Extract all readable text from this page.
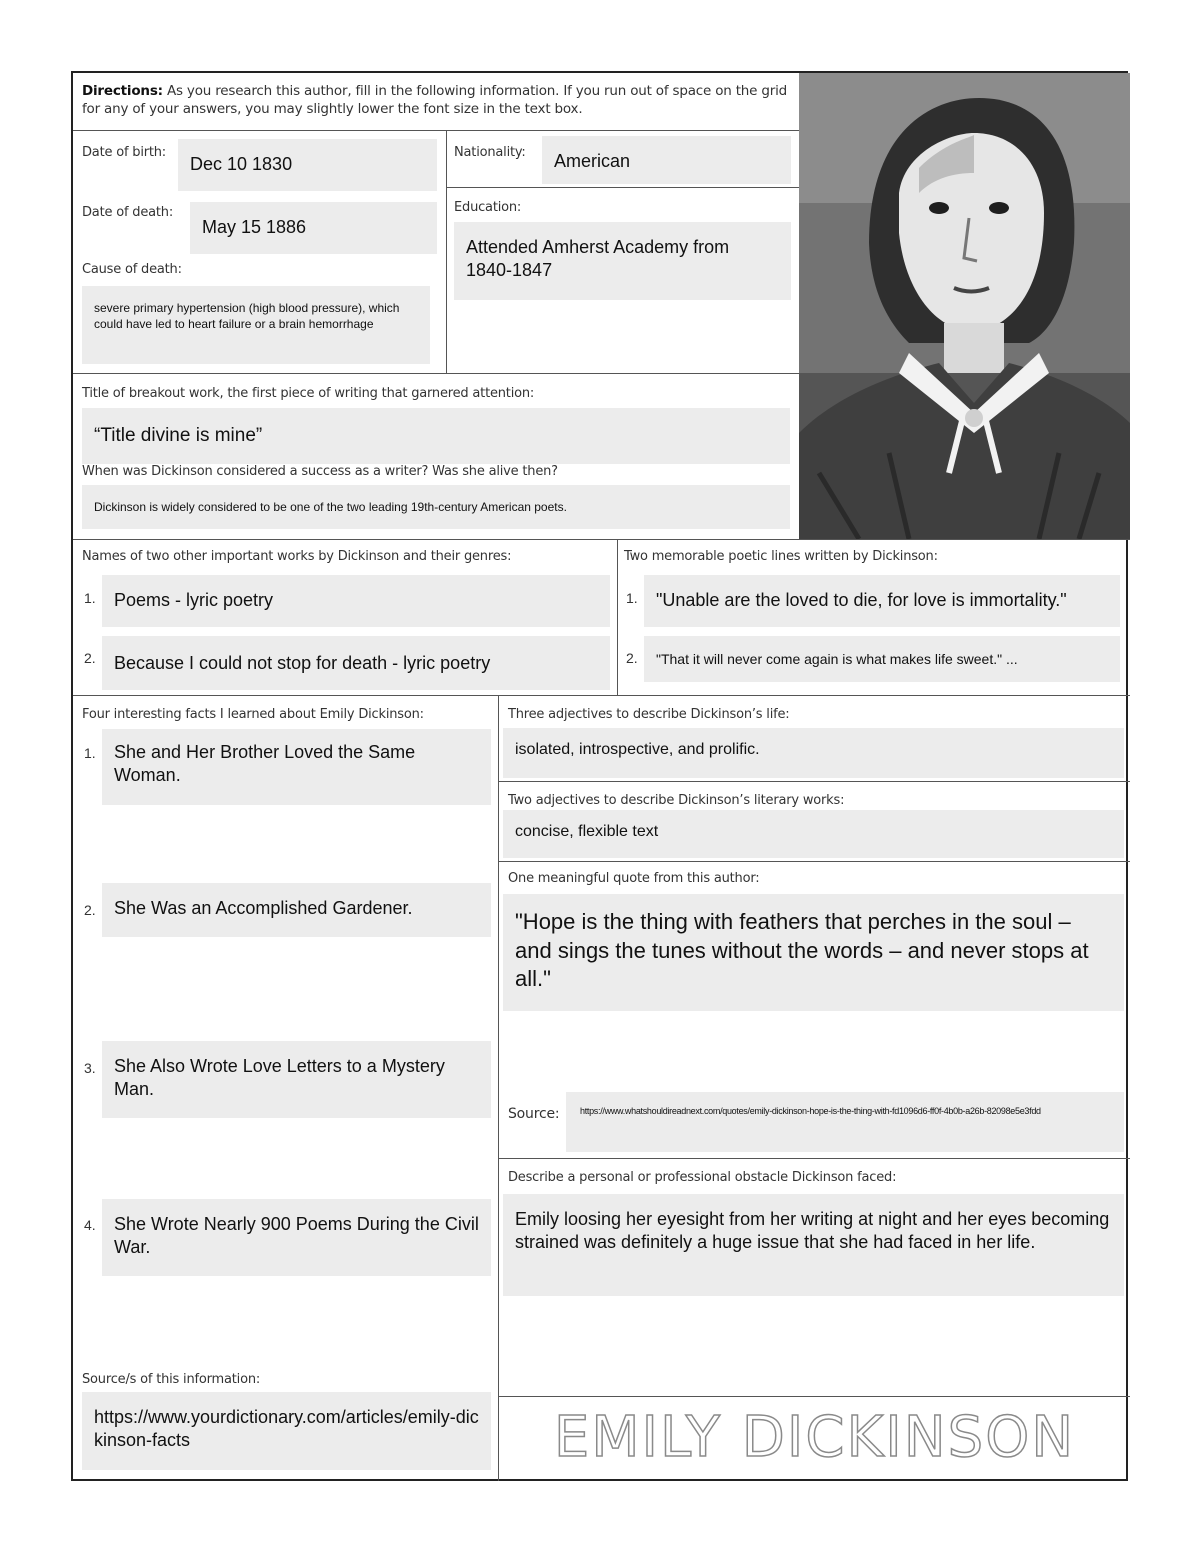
Directions: As you research this author, fill in the following information. If you run out of space on the grid for any of your answers, you may slightly lower the font size in the text box.
Date of birth:
Dec 10 1830
Date of death:
May 15 1886
Cause of death:
severe primary hypertension (high blood pressure), which could have led to heart failure or a brain hemorrhage
Nationality:	American
Education:
Attended Amherst Academy from 1840-1847
Title of breakout work, the first piece of writing that garnered attention:
“Title divine is mine”
When was Dickinson considered a success as a writer? Was she alive then?
Dickinson is widely considered to be one of the two leading 19th-century American poets.
Names of two other important works by Dickinson and their genres:
1.	Poems - lyric poetry
2.	Because I could not stop for death - lyric poetry
Two memorable poetic lines written by Dickinson:
1.	"Unable are the loved to die, for love is immortality."
2.	"That it will never come again is what makes life sweet." ...
Four interesting facts I learned about Emily Dickinson:
1.	She and Her Brother Loved the Same Woman.
2.	She Was an Accomplished Gardener.
3.	She Also Wrote Love Letters to a Mystery Man.
4.	She Wrote Nearly 900 Poems During the Civil War.
Source/s of this information:
https://www.yourdictionary.com/articles/emily-dickinson-facts
Three adjectives to describe Dickinson’s life:
isolated, introspective, and prolific.
Two adjectives to describe Dickinson’s literary works:
concise, flexible text
One meaningful quote from this author:
"Hope is the thing with feathers that perches in the soul – and sings the tunes without the words – and never stops at all."
Source:	https://www.whatshouldireadnext.com/quotes/emily-dickinson-hope-is-the-thing-with-fd1096d6-ff0f-4b0b-a26b-82098e5e3fdd
Describe a personal or professional obstacle Dickinson faced:
Emily loosing her eyesight from her writing at night and her eyes becoming strained was definitely a huge issue that she had faced in her life.
EMILY DICKINSON
